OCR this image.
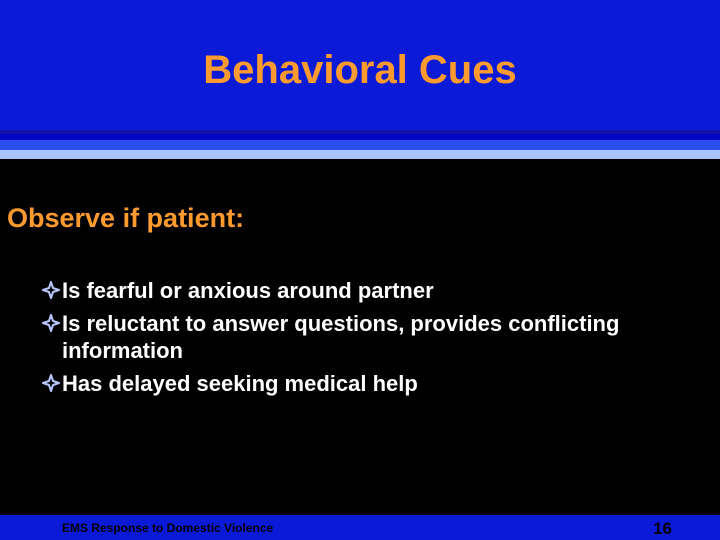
Behavioral Cues
Observe if patient:
Is fearful or anxious around partner
Is reluctant to answer questions, provides conflicting information
Has delayed seeking medical help
EMS Response to Domestic Violence	16
